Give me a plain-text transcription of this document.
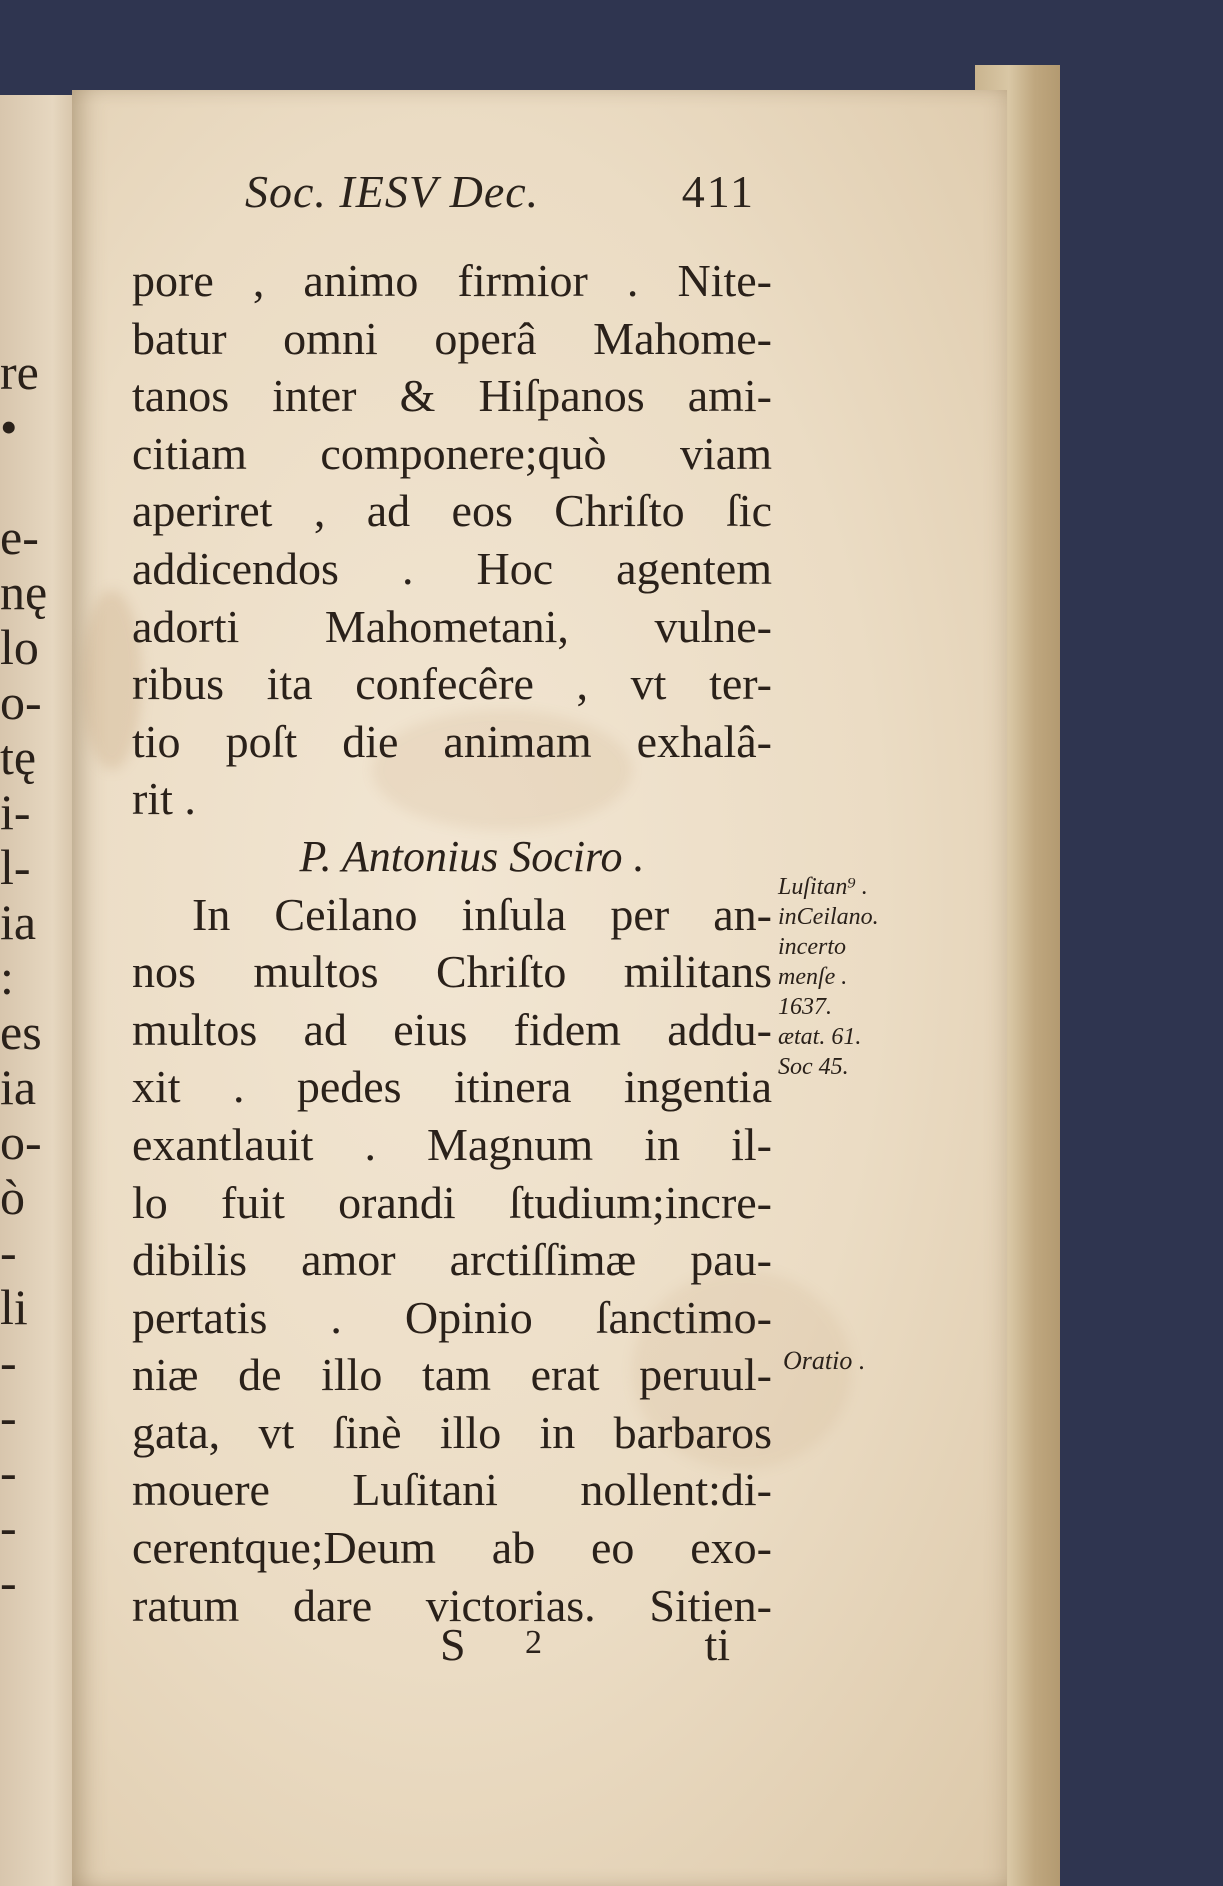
re
•
e-
nę
lo
o-
tę
i-
l-
ia
:
es
ia
o-
ò
-
li
-
-
-
-
-
Soc. IESV Dec.	411
pore , animo firmior . Nite-
batur omni operâ Mahome-
tanos inter & Hiſpanos ami-
citiam componere;quò viam
aperiret , ad eos Chriſto ſic
addicendos . Hoc agentem
adorti Mahometani, vulne-
ribus ita confecêre , vt ter-
tio poſt die animam exhalâ-
rit .
P. Antonius Sociro .
In Ceilano inſula per an-
nos multos Chriſto militans
multos ad eius fidem addu-
xit . pedes itinera ingentia
exantlauit . Magnum in il-
lo fuit orandi ſtudium;incre-
dibilis amor arctiſſimæ pau-
pertatis . Opinio ſanctimo-
niæ de illo tam erat peruul-
gata, vt ſinè illo in barbaros
mouere Luſitani nollent:di-
cerentque;Deum ab eo exo-
ratum dare victorias. Sitien-
Luſitan⁹ .
inCeilano.
incerto
menſe .
1637.
ætat. 61.
Soc 45.
Oratio .
S 2	ti
